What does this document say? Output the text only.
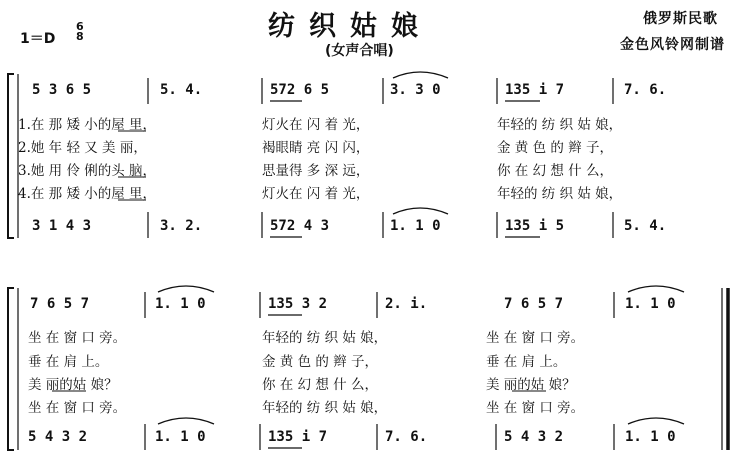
纺织姑娘
(女声合唱)
1＝D
6
8
俄罗斯民歌
金色风铃网制谱
5 3 6 5	5. 4.	572 6 5	3. 3 0	135 i 7	7. 6.
1.在 那 矮 小的屋 里，	灯火在 闪 着 光，	年轻的 纺 织 姑 娘，
2.她 年 轻 又 美 丽，	褐眼睛 亮 闪 闪，	金 黄 色 的 辫 子，
3.她 用 伶 俐的头 脑，	思量得 多 深 远，	你 在 幻 想 什 么，
4.在 那 矮 小的屋 里，	灯火在 闪 着 光，	年轻的 纺 织 姑 娘，
3 1 4 3	3. 2.	572 4 3	1. 1 0	135 i 5	5. 4.
7 6 5 7	1. 1 0	135 3 2	2. i.	7 6 5 7	1. 1 0
坐 在 窗 口 旁。	年轻的 纺 织 姑 娘，	坐 在 窗 口 旁。
垂 在 肩 上。	金 黄 色 的 辫 子，	垂 在 肩 上。
美 丽的姑 娘？	你 在 幻 想 什 么，	美 丽的姑 娘？
坐 在 窗 口 旁。	年轻的 纺 织 姑 娘，	坐 在 窗 口 旁。
5 4 3 2	1. 1 0	135 i 7	7. 6.	5 4 3 2	1. 1 0
